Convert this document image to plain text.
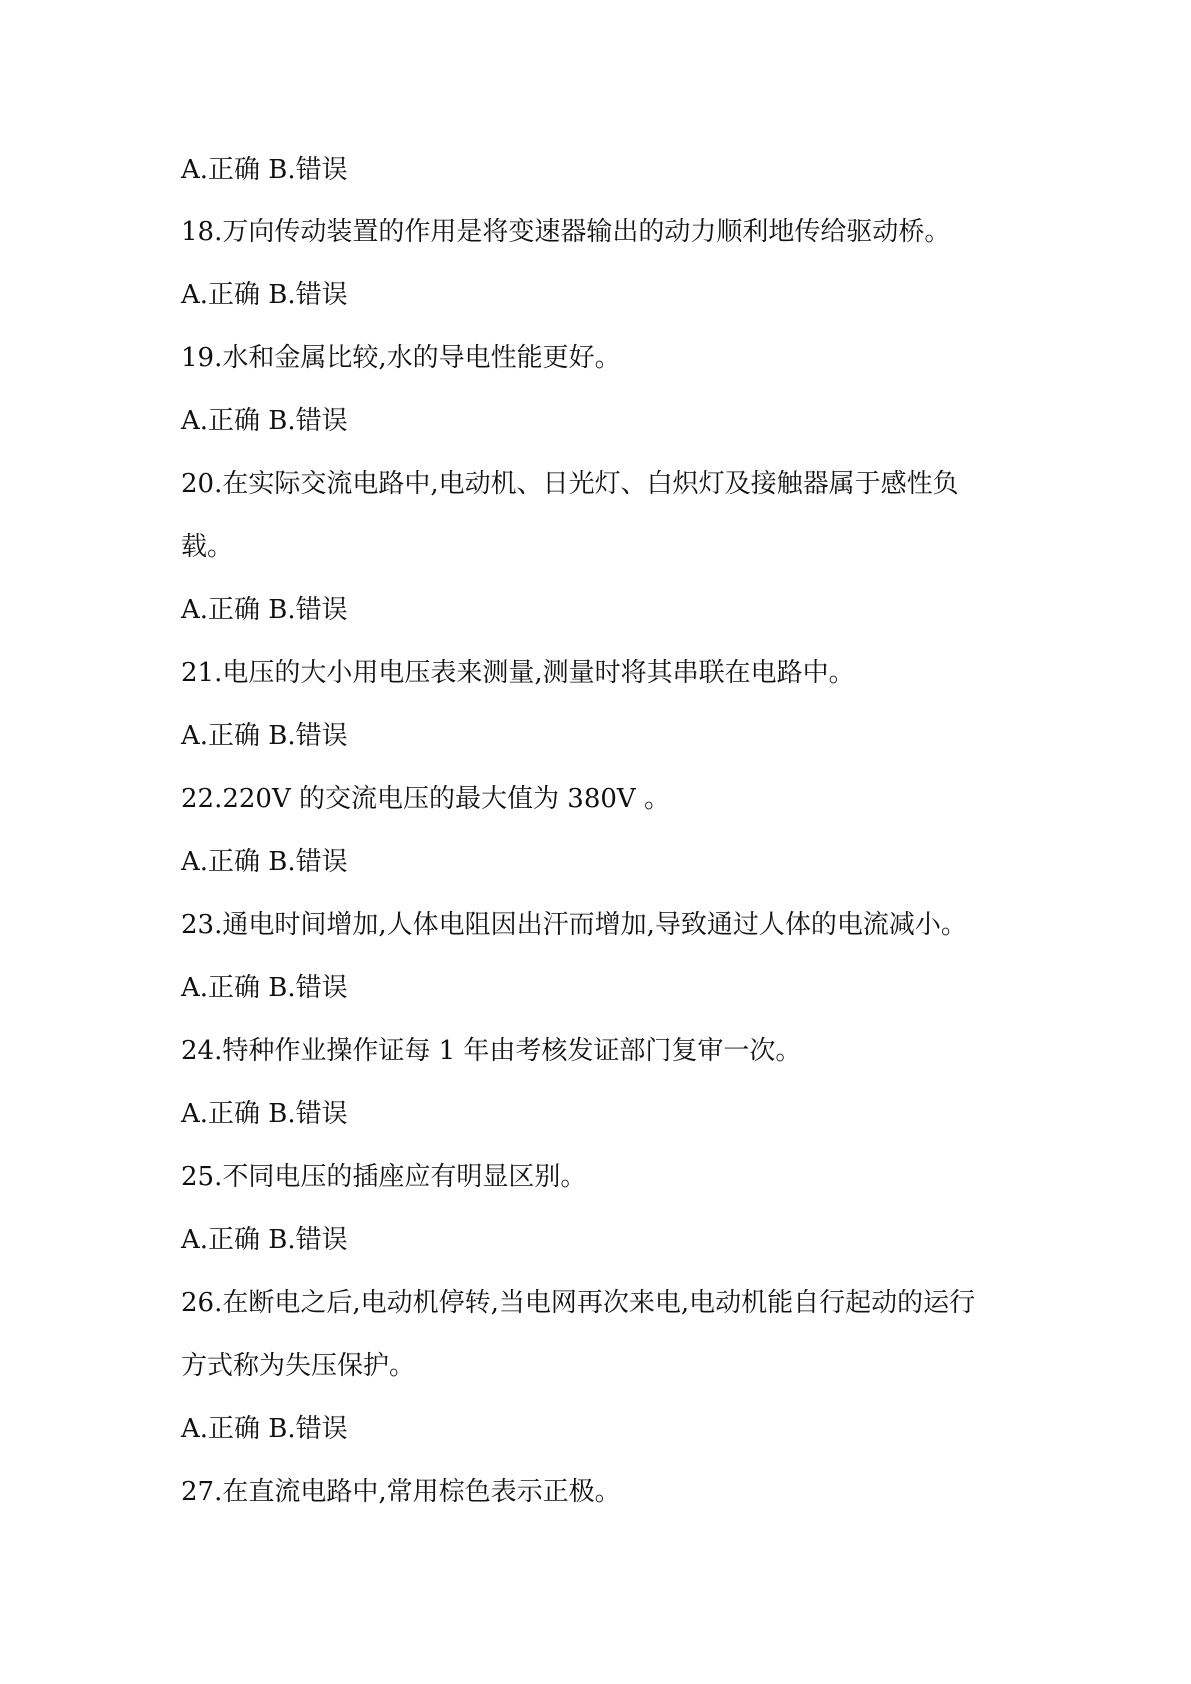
A.正确 B.错误
18.万向传动装置的作用是将变速器输出的动力顺利地传给驱动桥。
A.正确 B.错误
19.水和金属比较,水的导电性能更好。
A.正确 B.错误
20.在实际交流电路中,电动机、日光灯、白炽灯及接触器属于感性负
载。
A.正确 B.错误
21.电压的大小用电压表来测量,测量时将其串联在电路中。
A.正确 B.错误
22.220V 的交流电压的最大值为 380V 。
A.正确 B.错误
23.通电时间增加,人体电阻因出汗而增加,导致通过人体的电流减小。
A.正确 B.错误
24.特种作业操作证每 1 年由考核发证部门复审一次。
A.正确 B.错误
25.不同电压的插座应有明显区别。
A.正确 B.错误
26.在断电之后,电动机停转,当电网再次来电,电动机能自行起动的运行
方式称为失压保护。
A.正确 B.错误
27.在直流电路中,常用棕色表示正极。
